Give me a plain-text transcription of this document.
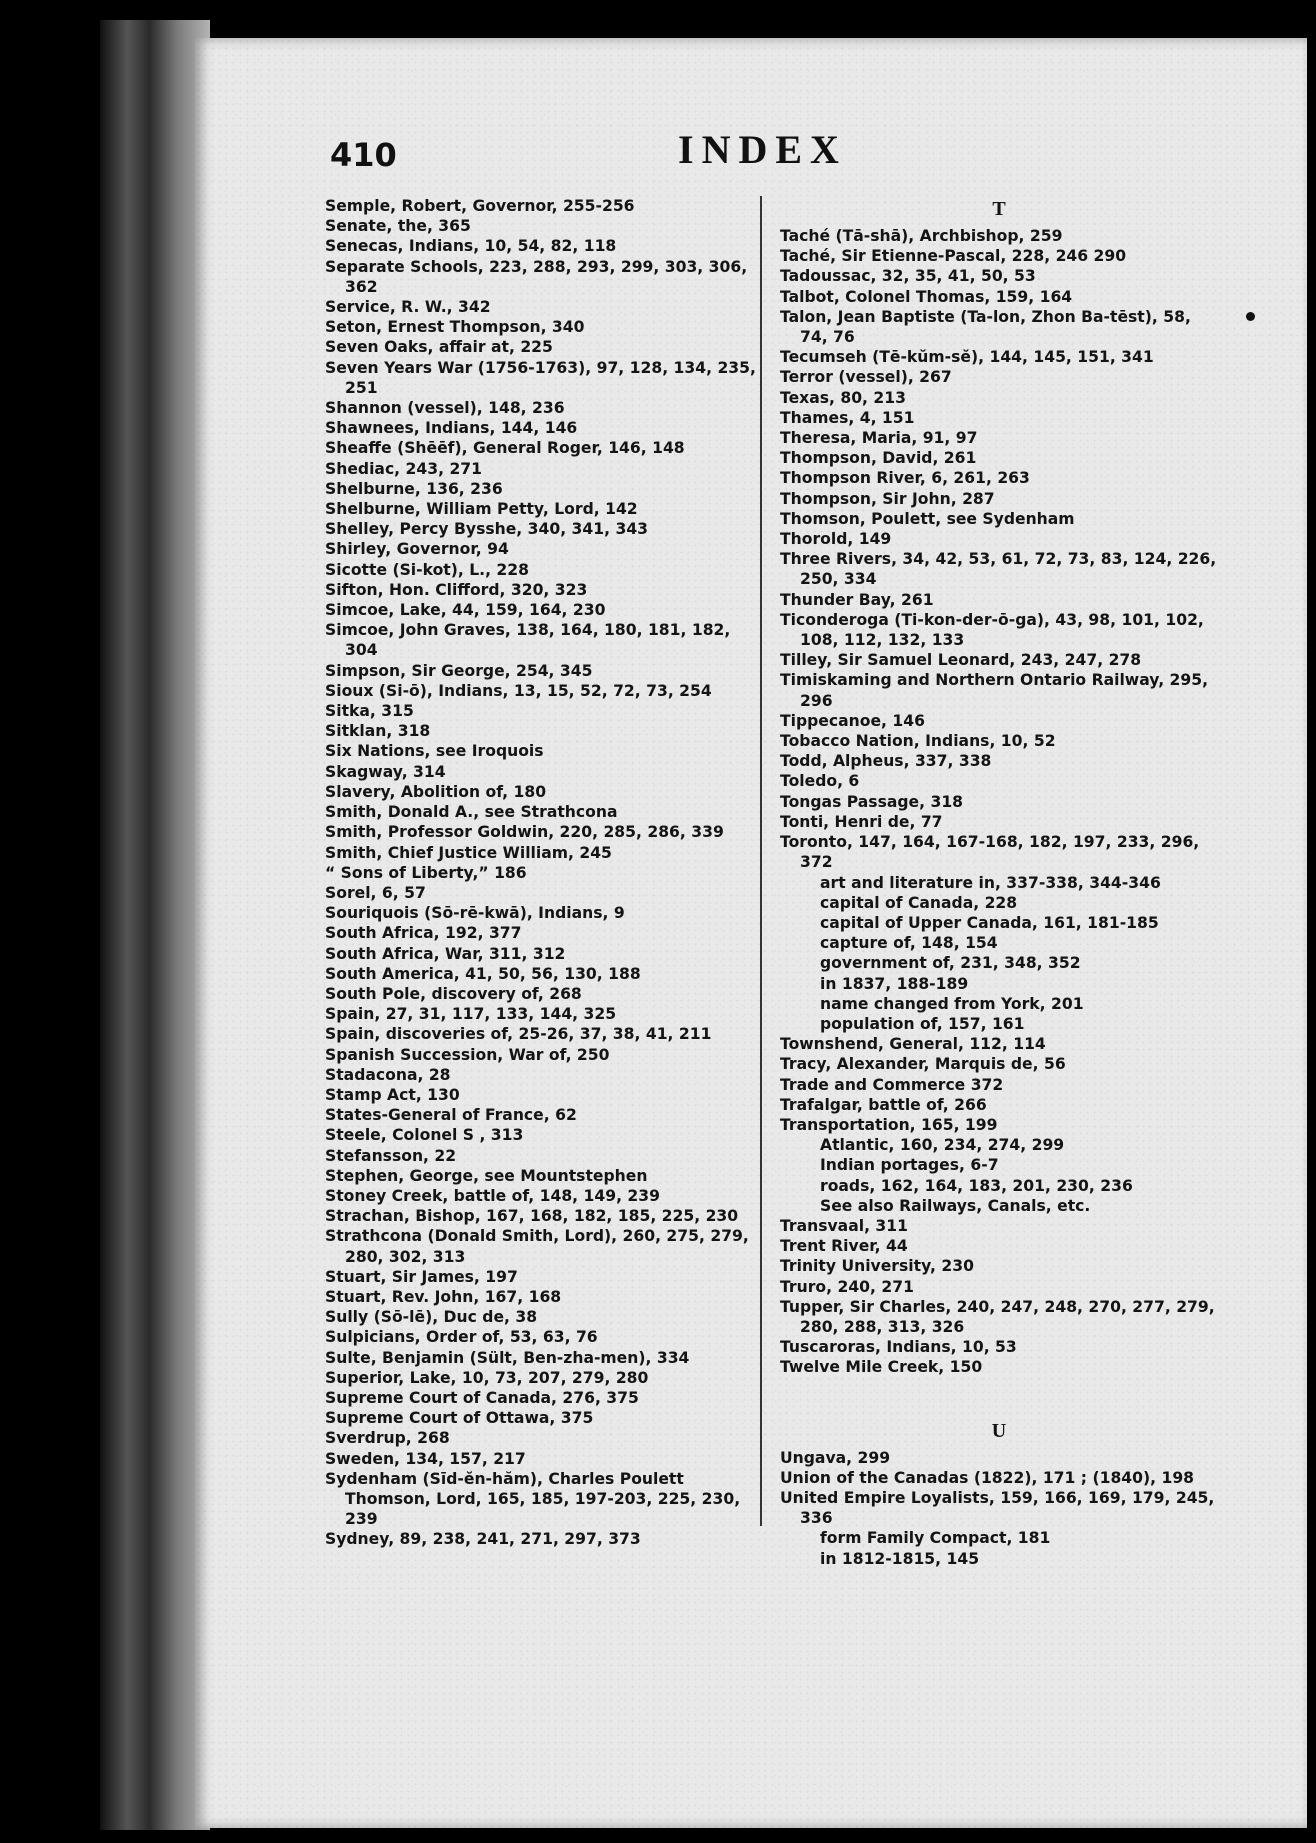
410	INDEX
Semple, Robert, Governor, 255-256
Senate, the, 365
Senecas, Indians, 10, 54, 82, 118
Separate Schools, 223, 288, 293, 299, 303, 306, 362
Service, R. W., 342
Seton, Ernest Thompson, 340
Seven Oaks, affair at, 225
Seven Years War (1756-1763), 97, 128, 134, 235, 251
Shannon (vessel), 148, 236
Shawnees, Indians, 144, 146
Sheaffe (Shēēf), General Roger, 146, 148
Shediac, 243, 271
Shelburne, 136, 236
Shelburne, William Petty, Lord, 142
Shelley, Percy Bysshe, 340, 341, 343
Shirley, Governor, 94
Sicotte (Si-kot), L., 228
Sifton, Hon. Clifford, 320, 323
Simcoe, Lake, 44, 159, 164, 230
Simcoe, John Graves, 138, 164, 180, 181, 182, 304
Simpson, Sir George, 254, 345
Sioux (Si-ō), Indians, 13, 15, 52, 72, 73, 254
Sitka, 315
Sitklan, 318
Six Nations, see Iroquois
Skagway, 314
Slavery, Abolition of, 180
Smith, Donald A., see Strathcona
Smith, Professor Goldwin, 220, 285, 286, 339
Smith, Chief Justice William, 245
“ Sons of Liberty,” 186
Sorel, 6, 57
Souriquois (Sō-rē-kwā), Indians, 9
South Africa, 192, 377
South Africa, War, 311, 312
South America, 41, 50, 56, 130, 188
South Pole, discovery of, 268
Spain, 27, 31, 117, 133, 144, 325
Spain, discoveries of, 25-26, 37, 38, 41, 211
Spanish Succession, War of, 250
Stadacona, 28
Stamp Act, 130
States-General of France, 62
Steele, Colonel S , 313
Stefansson, 22
Stephen, George, see Mountstephen
Stoney Creek, battle of, 148, 149, 239
Strachan, Bishop, 167, 168, 182, 185, 225, 230
Strathcona (Donald Smith, Lord), 260, 275, 279, 280, 302, 313
Stuart, Sir James, 197
Stuart, Rev. John, 167, 168
Sully (Sō-lē), Duc de, 38
Sulpicians, Order of, 53, 63, 76
Sulte, Benjamin (Sült, Ben-zha-men), 334
Superior, Lake, 10, 73, 207, 279, 280
Supreme Court of Canada, 276, 375
Supreme Court of Ottawa, 375
Sverdrup, 268
Sweden, 134, 157, 217
Sydenham (Sīd-ĕn-hăm), Charles Poulett Thomson, Lord, 165, 185, 197-203, 225, 230, 239
Sydney, 89, 238, 241, 271, 297, 373
T
Taché (Tā-shā), Archbishop, 259
Taché, Sir Etienne-Pascal, 228, 246 290
Tadoussac, 32, 35, 41, 50, 53
Talbot, Colonel Thomas, 159, 164
Talon, Jean Baptiste (Ta-lon, Zhon Ba-tēst), 58, 74, 76
Tecumseh (Tē-kŭm-sĕ), 144, 145, 151, 341
Terror (vessel), 267
Texas, 80, 213
Thames, 4, 151
Theresa, Maria, 91, 97
Thompson, David, 261
Thompson River, 6, 261, 263
Thompson, Sir John, 287
Thomson, Poulett, see Sydenham
Thorold, 149
Three Rivers, 34, 42, 53, 61, 72, 73, 83, 124, 226, 250, 334
Thunder Bay, 261
Ticonderoga (Ti-kon-der-ō-ga), 43, 98, 101, 102, 108, 112, 132, 133
Tilley, Sir Samuel Leonard, 243, 247, 278
Timiskaming and Northern Ontario Railway, 295, 296
Tippecanoe, 146
Tobacco Nation, Indians, 10, 52
Todd, Alpheus, 337, 338
Toledo, 6
Tongas Passage, 318
Tonti, Henri de, 77
Toronto, 147, 164, 167-168, 182, 197, 233, 296, 372
art and literature in, 337-338, 344-346
capital of Canada, 228
capital of Upper Canada, 161, 181-185
capture of, 148, 154
government of, 231, 348, 352
in 1837, 188-189
name changed from York, 201
population of, 157, 161
Townshend, General, 112, 114
Tracy, Alexander, Marquis de, 56
Trade and Commerce 372
Trafalgar, battle of, 266
Transportation, 165, 199
Atlantic, 160, 234, 274, 299
Indian portages, 6-7
roads, 162, 164, 183, 201, 230, 236
See also Railways, Canals, etc.
Transvaal, 311
Trent River, 44
Trinity University, 230
Truro, 240, 271
Tupper, Sir Charles, 240, 247, 248, 270, 277, 279, 280, 288, 313, 326
Tuscaroras, Indians, 10, 53
Twelve Mile Creek, 150
U
Ungava, 299
Union of the Canadas (1822), 171 ; (1840), 198
United Empire Loyalists, 159, 166, 169, 179, 245, 336
form Family Compact, 181
in 1812-1815, 145
